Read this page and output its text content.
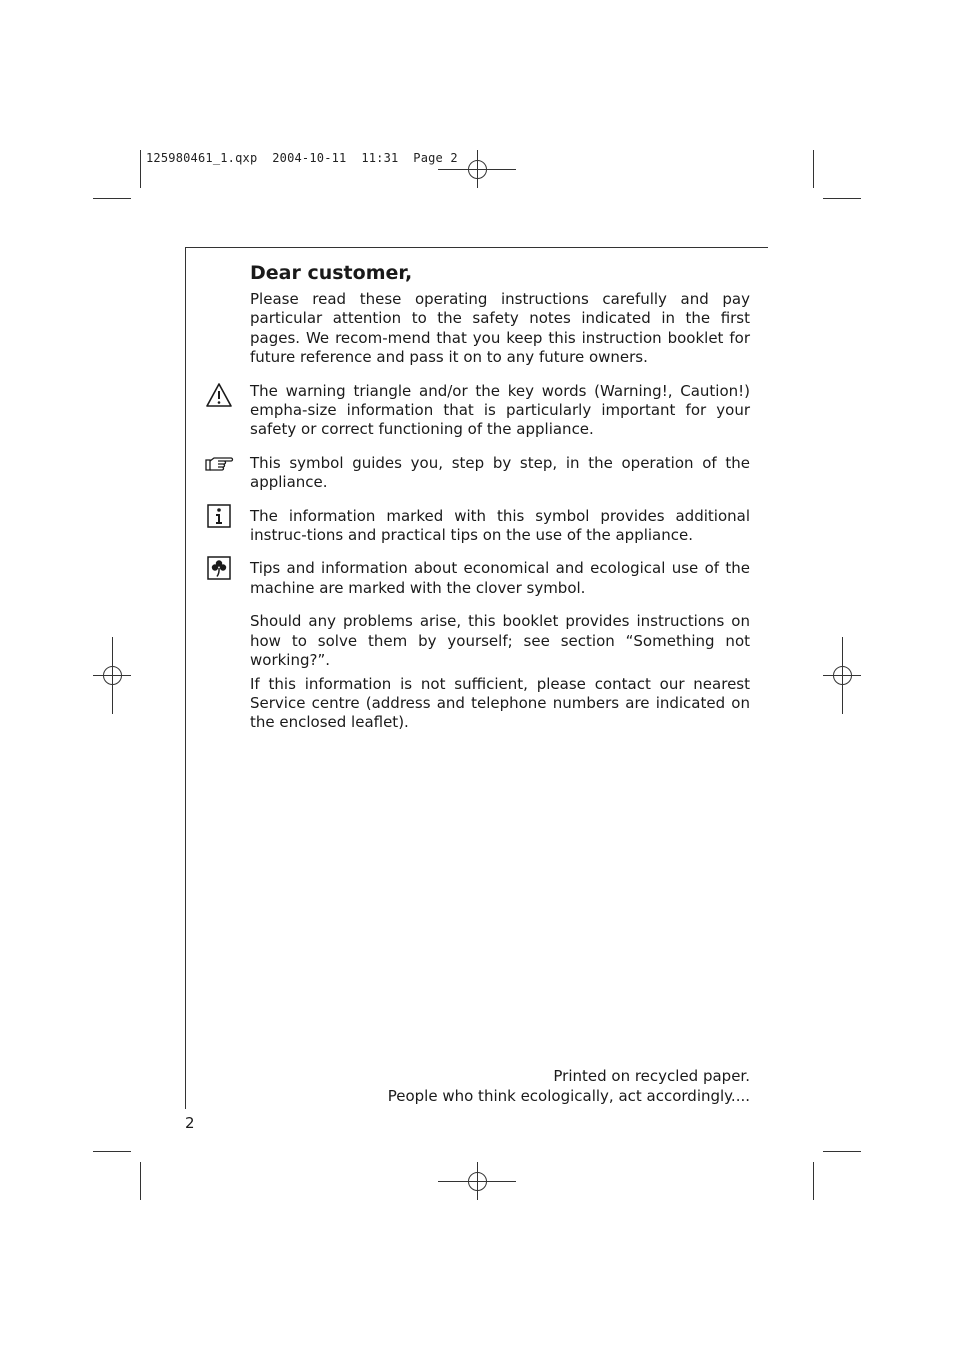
125980461_1.qxp  2004-10-11  11:31  Page 2
Dear customer,

Please read these operating instructions carefully and pay particular attention to the safety notes indicated in the first pages. We recom-mend that you keep this instruction booklet for future reference and pass it on to any future owners.

The warning triangle and/or the key words (Warning!, Caution!) empha-size information that is particularly important for your safety or correct functioning of the appliance.

This symbol guides you, step by step, in the operation of the appliance.

The information marked with this symbol provides additional instruc-tions and practical tips on the use of the appliance.

Tips and information about economical and ecological use of the machine are marked with the clover symbol.

Should any problems arise, this booklet provides instructions on how to solve them by yourself; see section “Something not working?”.

If this information is not sufficient, please contact our nearest Service centre (address and telephone numbers are indicated on the enclosed leaflet).

Printed on recycled paper.
People who think ecologically, act accordingly....
2
